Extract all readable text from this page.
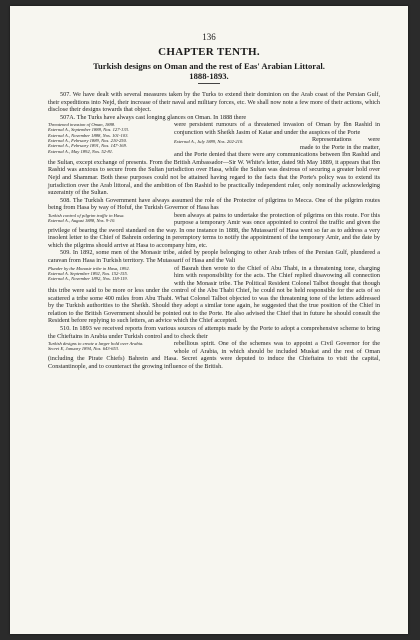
136
CHAPTER TENTH.
Turkish designs on Oman and the rest of Eas' Arabian Littoral.
1888-1893.

507. We have dealt with several measures taken by the Turks to extend their dominion on the Arab coast of the Persian Gulf, their expeditions into Nejd, their increase of their naval and military forces, etc. We shall now note a few more of their actions, which disclose their designs towards that object.

507A. The Turks have always cast longing glances on Oman. In 1888 there

Threatened invasion of Oman, 1888.
External A., September 1888, Nos. 127-133.
External A., November 1888, Nos. 101-103.
External A., February 1889, Nos. 210-250.
External A., February 1891, Nos. 147-169.
External A., May 1892, Nos. 52-81.
were persistent rumours of a threatened invasion of Oman by Ibn Rashid in conjunction with Sheikh Jasim of Katar and under the auspices of the Porte
External A., July 1889, Nos. 202-210.	Representations were made to the Porte in the matter, and the Porte denied that there were any communications between Ibn Rashid and the Sultan, except exchange of presents. From the British Ambassador—Sir W. White's letter, dated 9th May 1889, it appears that Ibn Rashid was anxious to secure from the Sultan jurisdiction over Hasa, while the Sultan was desirous of securing a greater hold over Nejd and Shammar. Both these purposes could not be attained having regard to the facts that the Porte's policy was to extend its jurisdiction over the Arab littoral, and the ambition of Ibn Rashid to be practically independent ruler, only nominally acknowledging suzerainty of the Sultan.

508. The Turkish Government have always assumed the role of the Protector of pilgrims to Mecca. One of the pilgrim routes being from Hasa by way of Hofuf, the Turkish Governor of Hasa has

Turkish control of pilgrim traffic in Hasa.
External A., August 1888, Nos. 9-10.
been always at pains to undertake the protection of pilgrims on this route. For this purpose a temporary Amir was once appointed to control the traffic and given the privilege of bearing the sword standard on the way. In one instance in 1888, the Mutassarif of Hasa went so far as to address a very insolent letter to the Chief of Bahrein ordering in peremptory terms to notify the appointment of the temporary Amir, and the date by which the pilgrims should arrive at Hasa to accompany him, etc.

509. In 1892, some men of the Monasir tribe, aided by people belonging to other Arab tribes of the Persian Gulf, plundered a caravan from Hasa in Turkish territory. The Mutassarif of Hasa and the Vali

Plunder by the Monasir tribe in Hasa, 1892.
External A. September 1892, Nos. 152-155.
External A., November 1892, Nos. 118-119.
of Basrah then wrote to the Chief of Abu Thabi, in a threatening tone, charging him with responsibility for the acts. The Chief replied disavowing all connection with the Monasir tribe. The Political Resident Colonel Talbot thought that though this tribe were said to be more or less under the control of the Abu Thabi Chief, he could not be held responsible for the acts of so scattered a tribe some 400 miles from Abu Thabi. What Colonel Talbot objected to was the threatening tone of the letters addressed by the Turkish authorities to the Sheikh. Should they adopt a similar tone again, he suggested that the true position of the Chief in relation to the British Government should be pointed out to the Porte. He also advised the Chief that in future he should consult the Resident before replying to such letters, an advice which the Chief accepted.

510. In 1893 we received reports from various sources of attempts made by the Porte to adopt a comprehensive scheme to bring the Chieftains in Arabia under Turkish control and to check their

Turkish designs to create a larger hold over Arabia.
Secret E, January 1894, Nos. 643-653.
rebellious spirit. One of the schemes was to appoint a Civil Governor for the whole of Arabia, in which should be included Muskat and the rest of Oman (including the Pirate Chiefs) Bahrein and Hasa. Secret agents were deputed to induce the Chieftains to visit the capital, Constantinople, and to counteract the growing influence of the British.
